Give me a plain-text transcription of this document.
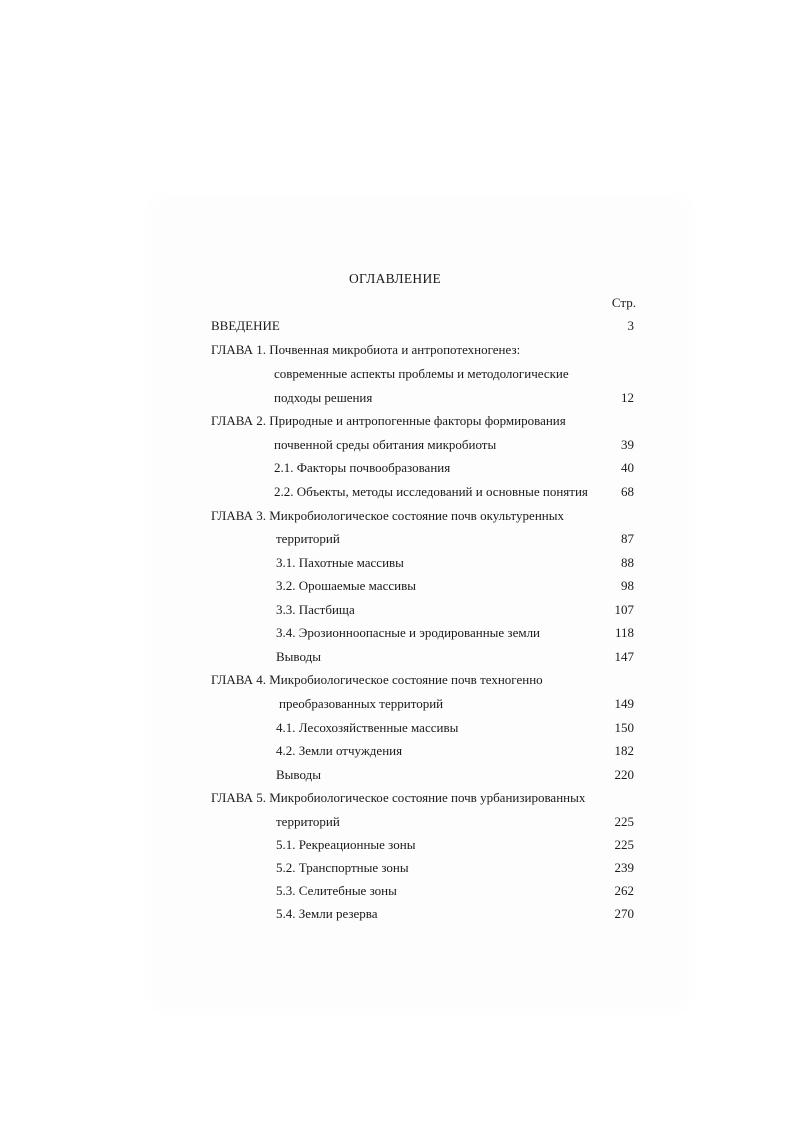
ОГЛАВЛЕНИЕ
Стр.
ВВЕДЕНИЕ	3
ГЛАВА 1. Почвенная микробиота и антропотехногенез:
современные аспекты проблемы и методологические
подходы решения	12
ГЛАВА 2. Природные и антропогенные факторы формирования
почвенной среды обитания микробиоты	39
2.1. Факторы почвообразования	40
2.2. Объекты, методы исследований и основные понятия	68
ГЛАВА 3. Микробиологическое состояние почв окультуренных
территорий	87
3.1. Пахотные массивы	88
3.2. Орошаемые массивы	98
3.3. Пастбища	107
3.4. Эрозионноопасные и эродированные земли	118
Выводы	147
ГЛАВА 4. Микробиологическое состояние почв техногенно
преобразованных территорий	149
4.1. Лесохозяйственные массивы	150
4.2. Земли отчуждения	182
Выводы	220
ГЛАВА 5. Микробиологическое состояние почв урбанизированных
территорий	225
5.1. Рекреационные зоны	225
5.2. Транспортные зоны	239
5.3. Селитебные зоны	262
5.4. Земли резерва	270
